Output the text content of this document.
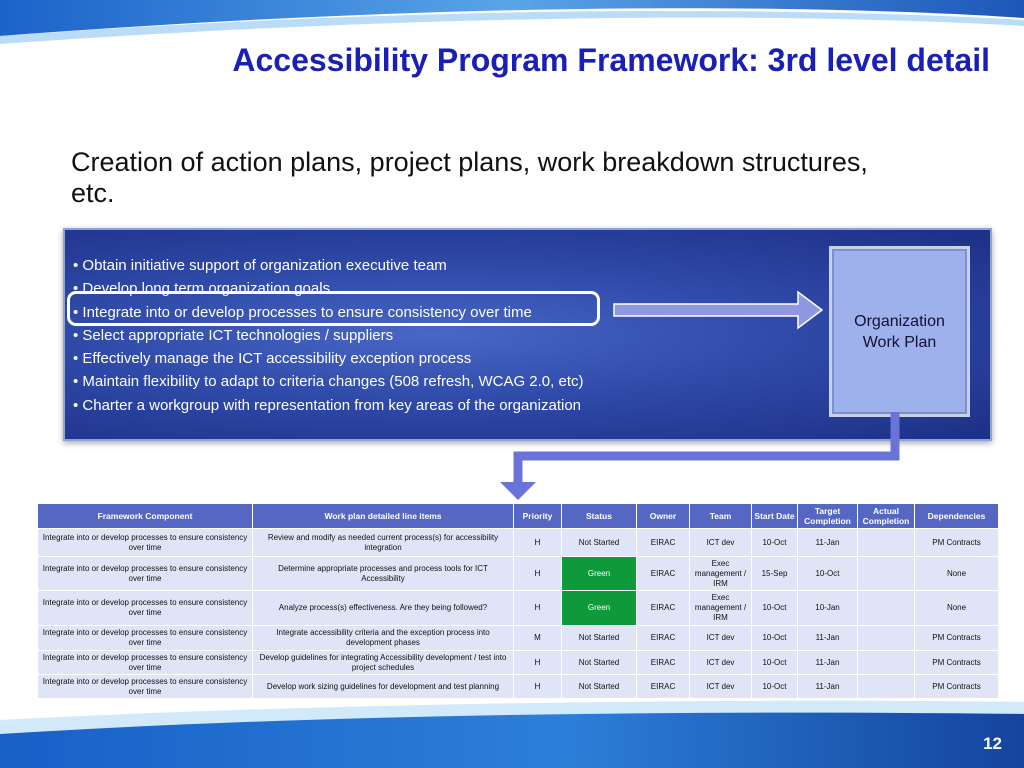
Accessibility Program Framework: 3rd level detail
Creation of action plans, project plans, work breakdown structures, etc.
• Obtain initiative support of organization executive team
• Develop long term organization goals
• Integrate into or develop processes to ensure consistency over time
• Select appropriate ICT technologies / suppliers
• Effectively manage the ICT accessibility exception process
• Maintain flexibility to adapt to criteria changes (508 refresh, WCAG 2.0, etc)
• Charter a workgroup with representation from key areas of the organization
Organization Work Plan
Framework Component	Work plan detailed line items	Priority	Status	Owner	Team	Start Date	Target Completion	Actual Completion	Dependencies
Integrate into or develop processes to ensure consistency over time	Review and modify as needed current process(s) for accessibility integration	H	Not Started	EIRAC	ICT dev	10-Oct	11-Jan		PM Contracts
Integrate into or develop processes to ensure consistency over time	Determine appropriate processes and process tools for ICT Accessibility	H	Green	EIRAC	Exec management / IRM	15-Sep	10-Oct		None
Integrate into or develop processes to ensure consistency over time	Analyze process(s) effectiveness. Are they being followed?	H	Green	EIRAC	Exec management / IRM	10-Oct	10-Jan		None
Integrate into or develop processes to ensure consistency over time	Integrate accessibility criteria and the exception process into development phases	M	Not Started	EIRAC	ICT dev	10-Oct	11-Jan		PM Contracts
Integrate into or develop processes to ensure consistency over time	Develop guidelines for integrating Accessibility development / test into project schedules	H	Not Started	EIRAC	ICT dev	10-Oct	11-Jan		PM Contracts
Integrate into or develop processes to ensure consistency over time	Develop work sizing guidelines for development and test planning	H	Not Started	EIRAC	ICT dev	10-Oct	11-Jan		PM Contracts
12
